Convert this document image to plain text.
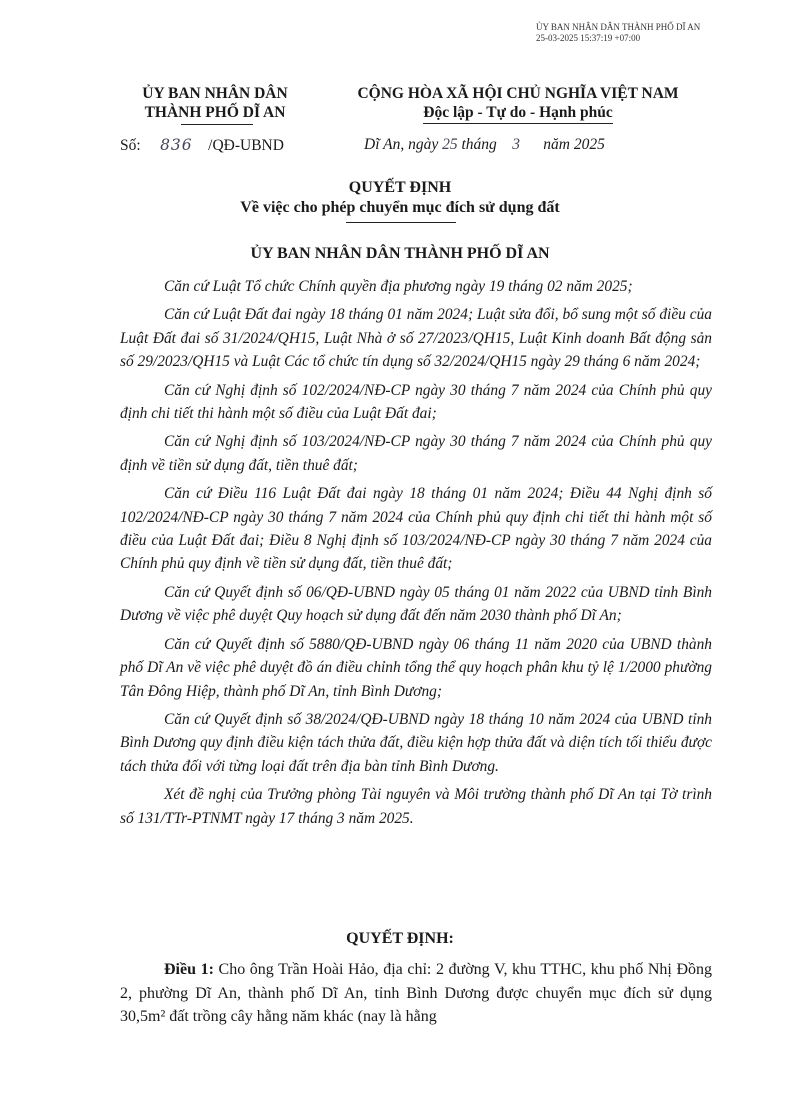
ỦY BAN NHÂN DÂN THÀNH PHỐ DĨ AN
25-03-2025 15:37:19 +07:00
ỦY BAN NHÂN DÂN
THÀNH PHỐ DĨ AN
CỘNG HÒA XÃ HỘI CHỦ NGHĨA VIỆT NAM
Độc lập - Tự do - Hạnh phúc
Số: 836 /QĐ-UBND	Dĩ An, ngày 25 tháng 3 năm 2025
QUYẾT ĐỊNH
Về việc cho phép chuyển mục đích sử dụng đất
ỦY BAN NHÂN DÂN THÀNH PHỐ DĨ AN

Căn cứ Luật Tổ chức Chính quyền địa phương ngày 19 tháng 02 năm 2025;

Căn cứ Luật Đất đai ngày 18 tháng 01 năm 2024; Luật sửa đổi, bổ sung một số điều của Luật Đất đai số 31/2024/QH15, Luật Nhà ở số 27/2023/QH15, Luật Kinh doanh Bất động sản số 29/2023/QH15 và Luật Các tổ chức tín dụng số 32/2024/QH15 ngày 29 tháng 6 năm 2024;

Căn cứ Nghị định số 102/2024/NĐ-CP ngày 30 tháng 7 năm 2024 của Chính phủ quy định chi tiết thi hành một số điều của Luật Đất đai;

Căn cứ Nghị định số 103/2024/NĐ-CP ngày 30 tháng 7 năm 2024 của Chính phủ quy định về tiền sử dụng đất, tiền thuê đất;

Căn cứ Điều 116 Luật Đất đai ngày 18 tháng 01 năm 2024; Điều 44 Nghị định số 102/2024/NĐ-CP ngày 30 tháng 7 năm 2024 của Chính phủ quy định chi tiết thi hành một số điều của Luật Đất đai; Điều 8 Nghị định số 103/2024/NĐ-CP ngày 30 tháng 7 năm 2024 của Chính phủ quy định về tiền sử dụng đất, tiền thuê đất;

Căn cứ Quyết định số 06/QĐ-UBND ngày 05 tháng 01 năm 2022 của UBND tỉnh Bình Dương về việc phê duyệt Quy hoạch sử dụng đất đến năm 2030 thành phố Dĩ An;

Căn cứ Quyết định số 5880/QĐ-UBND ngày 06 tháng 11 năm 2020 của UBND thành phố Dĩ An về việc phê duyệt đồ án điều chỉnh tổng thể quy hoạch phân khu tỷ lệ 1/2000 phường Tân Đông Hiệp, thành phố Dĩ An, tỉnh Bình Dương;

Căn cứ Quyết định số 38/2024/QĐ-UBND ngày 18 tháng 10 năm 2024 của UBND tỉnh Bình Dương quy định điều kiện tách thửa đất, điều kiện hợp thửa đất và diện tích tối thiểu được tách thửa đối với từng loại đất trên địa bàn tỉnh Bình Dương.

Xét đề nghị của Trưởng phòng Tài nguyên và Môi trường thành phố Dĩ An tại Tờ trình số 131/TTr-PTNMT ngày 17 tháng 3 năm 2025.

QUYẾT ĐỊNH:
Điều 1: Cho ông Trần Hoài Hảo, địa chỉ: 2 đường V, khu TTHC, khu phố Nhị Đồng 2, phường Dĩ An, thành phố Dĩ An, tỉnh Bình Dương được chuyển mục đích sử dụng 30,5m² đất trồng cây hằng năm khác (nay là hằng
